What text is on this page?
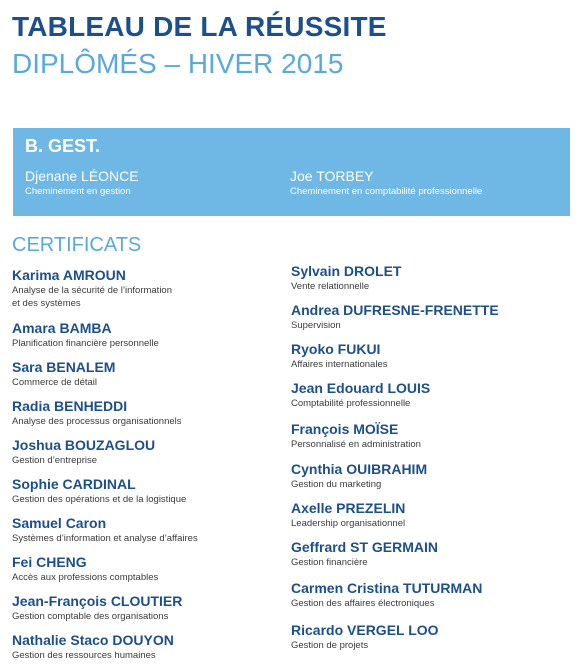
TABLEAU DE LA RÉUSSITE
DIPLÔMÉS – HIVER 2015
B. GEST.
Djenane LÉONCE
Cheminement en gestion
Joe TORBEY
Cheminement en comptabilité professionnelle
CERTIFICATS
Karima AMROUN
Analyse de la sécurité de l’information
et des systèmes
Amara BAMBA
Planification financière personnelle
Sara BENALEM
Commerce de détail
Radia BENHEDDI
Analyse des processus organisationnels
Joshua BOUZAGLOU
Gestion d’entreprise
Sophie CARDINAL
Gestion des opérations et de la logistique
Samuel Caron
Systèmes d’information et analyse d’affaires
Fei CHENG
Accès aux professions comptables
Jean-François CLOUTIER
Gestion comptable des organisations
Nathalie Staco DOUYON
Gestion des ressources humaines
Sylvain DROLET
Vente relationnelle
Andrea DUFRESNE-FRENETTE
Supervision
Ryoko FUKUI
Affaires internationales
Jean Edouard LOUIS
Comptabilité professionnelle
François MOÏSE
Personnalisé en administration
Cynthia OUIBRAHIM
Gestion du marketing
Axelle PREZELIN
Leadership organisationnel
Geffrard ST GERMAIN
Gestion financière
Carmen Cristina TUTURMAN
Gestion des affaires électroniques
Ricardo VERGEL LOO
Gestion de projets
